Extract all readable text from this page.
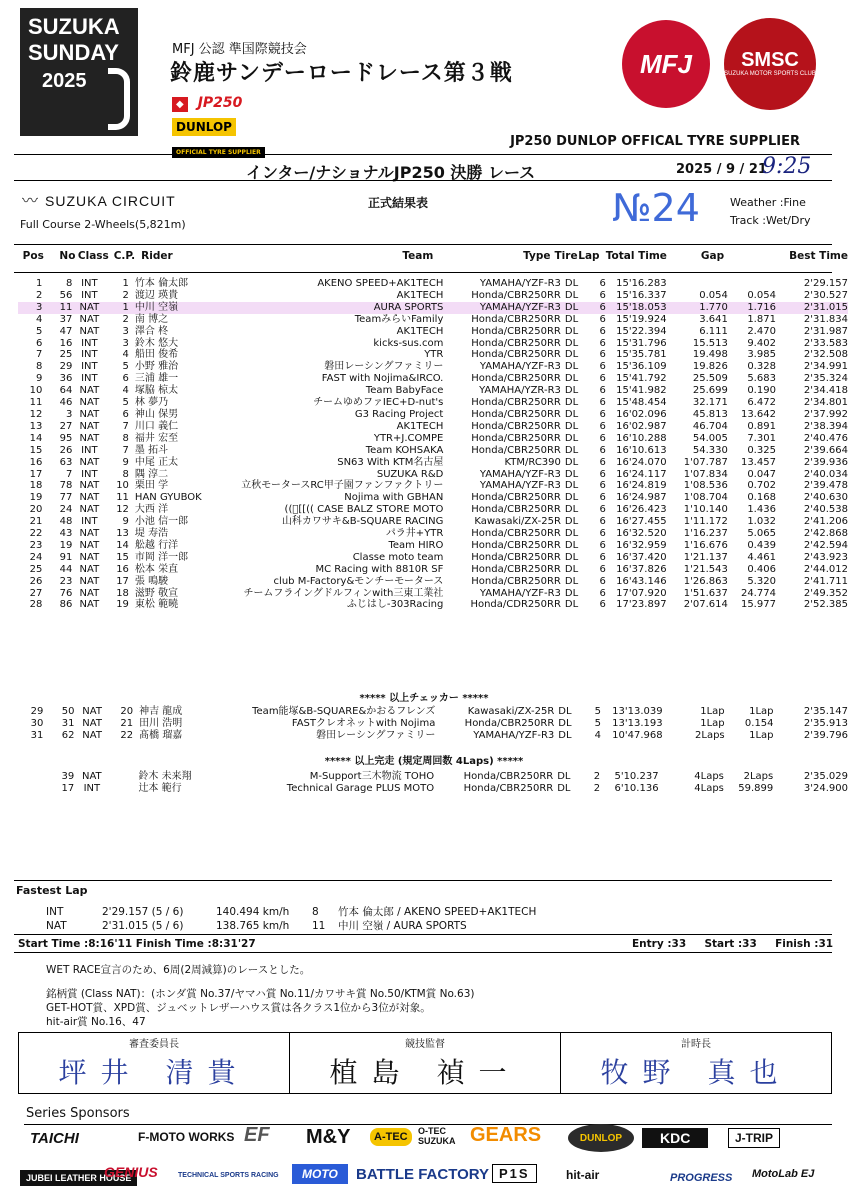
SUZUKA
SUNDAY
2025
MFJ 公認 準国際競技会
鈴鹿サンデーロードレース第３戦
◆ JP250
DUNLOP
OFFICIAL TYRE SUPPLIER
MFJ	SMSC
SUZUKA MOTOR SPORTS CLUB
JP250 DUNLOP OFFICAL TYRE SUPPLIER
インター/ナショナルJP250 決勝 レース	2025 / 9 / 21
9:25
〰 SUZUKA CIRCUIT
Full Course 2-Wheels(5,821m)
正式結果表	№24	Weather :Fine
Track :Wet/Dry
Pos	No	Class	C.P.	Rider	Team	Type	Tire	Lap	Total Time	Gap		Best Time
1	8	INT	1	竹本 倫太郎	AKENO SPEED+AK1TECH	YAMAHA/YZF-R3	DL	6	15'16.283			2'29.157
2	56	INT	2	渡辺 瑛貴	AK1TECH	Honda/CBR250RR	DL	6	15'16.337	0.054	0.054	2'30.527
3	11	NAT	1	中川 空嶺	AURA SPORTS	YAMAHA/YZF-R3	DL	6	15'18.053	1.770	1.716	2'31.015
4	37	NAT	2	南 博之	TeamみらいFamily	Honda/CBR250RR	DL	6	15'19.924	3.641	1.871	2'31.834
5	47	NAT	3	澤合 柊	AK1TECH	Honda/CBR250RR	DL	6	15'22.394	6.111	2.470	2'31.987
6	16	INT	3	鈴木 悠大	kicks-sus.com	Honda/CBR250RR	DL	6	15'31.796	15.513	9.402	2'33.583
7	25	INT	4	船田 俊希	YTR	Honda/CBR250RR	DL	6	15'35.781	19.498	3.985	2'32.508
8	29	INT	5	小野 雅治	磐田レーシングファミリー	YAMAHA/YZF-R3	DL	6	15'36.109	19.826	0.328	2'34.991
9	36	INT	6	三浦 雄一	FAST with Nojima&IRCO.	Honda/CBR250RR	DL	6	15'41.792	25.509	5.683	2'35.324
10	64	NAT	4	塚脇 椋太	Team BabyFace	YAMAHA/YZR-R3	DL	6	15'41.982	25.699	0.190	2'34.418
11	46	NAT	5	林 夢乃	チームゆめファIEC+D-nut's	Honda/CBR250RR	DL	6	15'48.454	32.171	6.472	2'34.801
12	3	NAT	6	神山 保男	G3 Racing Project	Honda/CBR250RR	DL	6	16'02.096	45.813	13.642	2'37.992
13	27	NAT	7	川口 義仁	AK1TECH	Honda/CBR250RR	DL	6	16'02.987	46.704	0.891	2'38.394
14	95	NAT	8	福井 宏至	YTR+J.COMPE	Honda/CBR250RR	DL	6	16'10.288	54.005	7.301	2'40.476
15	26	INT	7	墨 拓斗	Team KOHSAKA	Honda/CBR250RR	DL	6	16'10.613	54.330	0.325	2'39.664
16	63	NAT	9	中尾 正太	SN63 With KTM名古屋	KTM/RC390	DL	6	16'24.070	1'07.787	13.457	2'39.936
17	7	INT	8	隅 淳二	SUZUKA R&D	YAMAHA/YZF-R3	DL	6	16'24.117	1'07.834	0.047	2'40.034
18	78	NAT	10	栗田 学	立秋モータースRC甲子園ファンファクトリー	YAMAHA/YZF-R3	DL	6	16'24.819	1'08.536	0.702	2'39.478
19	77	NAT	11	HAN GYUBOK	Nojima with GBHAN	Honda/CBR250RR	DL	6	16'24.987	1'08.704	0.168	2'40.630
20	24	NAT	12	大西 洋	((ﾟ[[(( CASE BALZ STORE MOTO	Honda/CBR250RR	DL	6	16'26.423	1'10.140	1.436	2'40.538
21	48	INT	9	小池 信一郎	山科カワサキ&B-SQUARE RACING	Kawasaki/ZX-25R	DL	6	16'27.455	1'11.172	1.032	2'41.206
22	43	NAT	13	堤 寿浩	パラ井+YTR	Honda/CBR250RR	DL	6	16'32.520	1'16.237	5.065	2'42.868
23	19	NAT	14	舩越 行洋	Team HIRO	Honda/CBR250RR	DL	6	16'32.959	1'16.676	0.439	2'42.594
24	91	NAT	15	市岡 洋一郎	Classe moto team	Honda/CBR250RR	DL	6	16'37.420	1'21.137	4.461	2'43.923
25	44	NAT	16	松本 栄直	MC Racing with 8810R SF	Honda/CBR250RR	DL	6	16'37.826	1'21.543	0.406	2'44.012
26	23	NAT	17	張 鳴駿	club M-Factory&モンチーモータース	Honda/CBR250RR	DL	6	16'43.146	1'26.863	5.320	2'41.711
27	76	NAT	18	滋野 敬宣	チームフライングドルフィンwith三東工業社	YAMAHA/YZF-R3	DL	6	17'07.920	1'51.637	24.774	2'49.352
28	86	NAT	19	東松 範曉	ふじはし-303Racing	Honda/CDR250RR	DL	6	17'23.897	2'07.614	15.977	2'52.385
***** 以上チェッカー *****
29	50	NAT	20	神吉 龍成	Team能塚&B-SQUARE&かおるフレンズ	Kawasaki/ZX-25R	DL	5	13'13.039	1Lap	1Lap	2'35.147
30	31	NAT	21	田川 浩明	FASTクレオネットwith Nojima	Honda/CBR250RR	DL	5	13'13.193	1Lap	0.154	2'35.913
31	62	NAT	22	髙橋 瑠嘉	磐田レーシングファミリー	YAMAHA/YZF-R3	DL	4	10'47.968	2Laps	1Lap	2'39.796
***** 以上完走 (規定周回数 4Laps) *****
	39	NAT		鈴木 未来翔	M-Support三木物流 TOHO	Honda/CBR250RR	DL	2	5'10.237	4Laps	2Laps	2'35.029
	17	INT		辻本 範行	Technical Garage PLUS MOTO	Honda/CBR250RR	DL	2	6'10.136	4Laps	59.899	3'24.900
Fastest Lap
INT	2'29.157 (5 / 6)	140.494 km/h 8 竹本 倫太郎 / AKENO SPEED+AK1TECH
NAT	2'31.015 (5 / 6)	138.765 km/h 11 中川 空嶺 / AURA SPORTS
Start Time :8:16'11 Finish Time :8:31'27	Entry :33 Start :33 Finish :31
WET RACE宣言のため、6周(2周減算)のレースとした。
銘柄賞 (Class NAT)：(ホンダ賞 No.37/ヤマハ賞 No.11/カワサキ賞 No.50/KTM賞 No.63)
GET-HOT賞、XPD賞、ジュベットレザーハウス賞は各クラス1位から3位が対象。
hit-air賞 No.16、47
審査委員長
坪井 清貴
競技監督
植島 禎一
計時長
牧野 真也
Series Sponsors
TAICHI	F-MOTO WORKS EF M&Y	A-TEC	O-TEC SUZUKA GEARS	DUNLOP	KDC	J-TRIP
JUBEI LEATHER HOUSE
GENIUS	TECHNICAL SPORTS RACING	MOTO	BATTLE FACTORY P1S	hit-air	PROGRESS MotoLab EJ
